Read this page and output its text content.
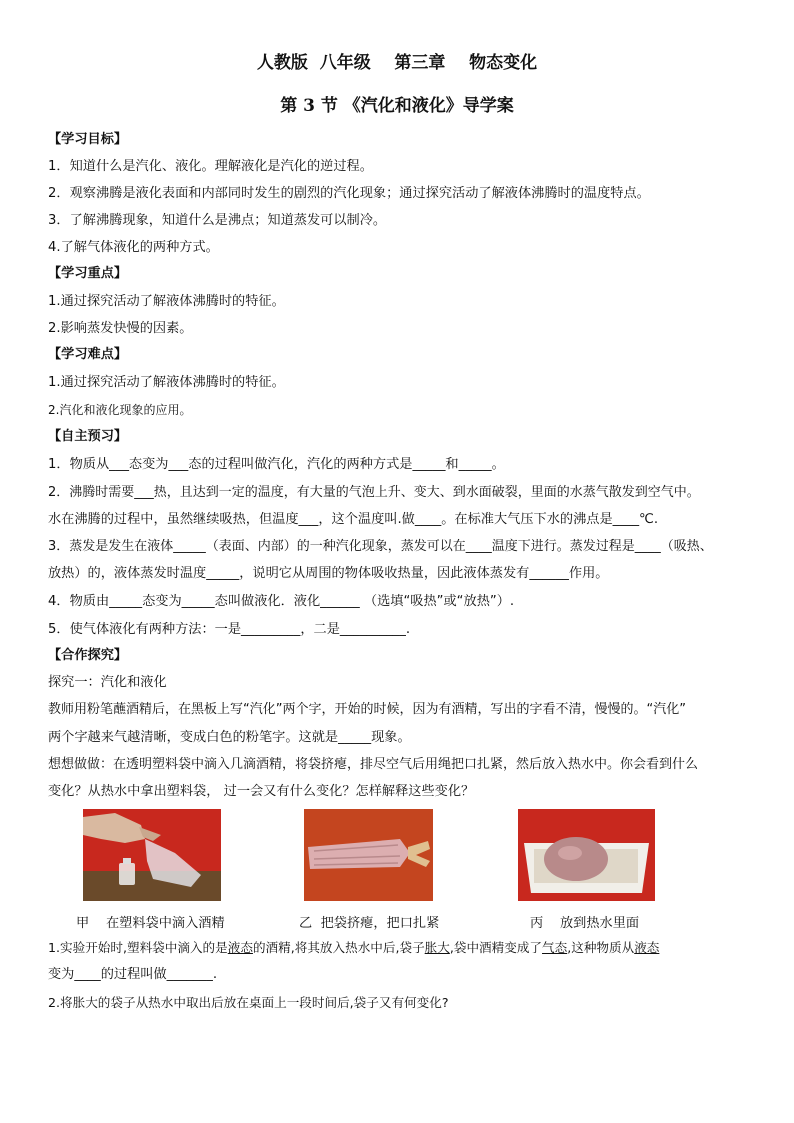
人教版  八年级    第三章    物态变化
第 3 节 《汽化和液化》导学案
【学习目标】
1．知道什么是汽化、液化。理解液化是汽化的逆过程。
2．观察沸腾是液化表面和内部同时发生的剧烈的汽化现象；通过探究活动了解液体沸腾时的温度特点。
3．了解沸腾现象，知道什么是沸点；知道蒸发可以制冷。
4.了解气体液化的两种方式。
【学习重点】
1.通过探究活动了解液体沸腾时的特征。
2.影响蒸发快慢的因素。
【学习难点】
1.通过探究活动了解液体沸腾时的特征。
2.汽化和液化现象的应用。
【自主预习】
1．物质从___态变为___态的过程叫做汽化，汽化的两种方式是_____和_____。
2．沸腾时需要___热，且达到一定的温度，有大量的气泡上升、变大、到水面破裂，里面的水蒸气散发到空气中。
水在沸腾的过程中，虽然继续吸热，但温度___，这个温度叫.做____。在标准大气压下水的沸点是____℃.
3．蒸发是发生在液体_____（表面、内部）的一种汽化现象，蒸发可以在____温度下进行。蒸发过程是____（吸热、
放热）的，液体蒸发时温度_____，说明它从周围的物体吸收热量，因此液体蒸发有______作用。
4．物质由_____态变为_____态叫做液化．液化______ （选填“吸热”或“放热”）.
5．使气体液化有两种方法：一是_________，二是__________.
【合作探究】
探究一：汽化和液化
教师用粉笔蘸酒精后，在黑板上写“汽化”两个字，开始的时候，因为有酒精，写出的字看不清，慢慢的。“汽化”
两个字越来气越清晰，变成白色的粉笔字。这就是_____现象。
想想做做：在透明塑料袋中滴入几滴酒精，将袋挤瘪，排尽空气后用绳把口扎紧，然后放入热水中。你会看到什么
变化？从热水中拿出塑料袋， 过一会又有什么变化？怎样解释这些变化？
甲    在塑料袋中滴入酒精	乙  把袋挤瘪，把口扎紧	丙    放到热水里面
1.实验开始时,塑料袋中滴入的是液态的酒精,将其放入热水中后,袋子胀大,袋中酒精变成了气态,这种物质从液态
变为____的过程叫做_______.
2.将胀大的袋子从热水中取出后放在桌面上一段时间后,袋子又有何变化?
